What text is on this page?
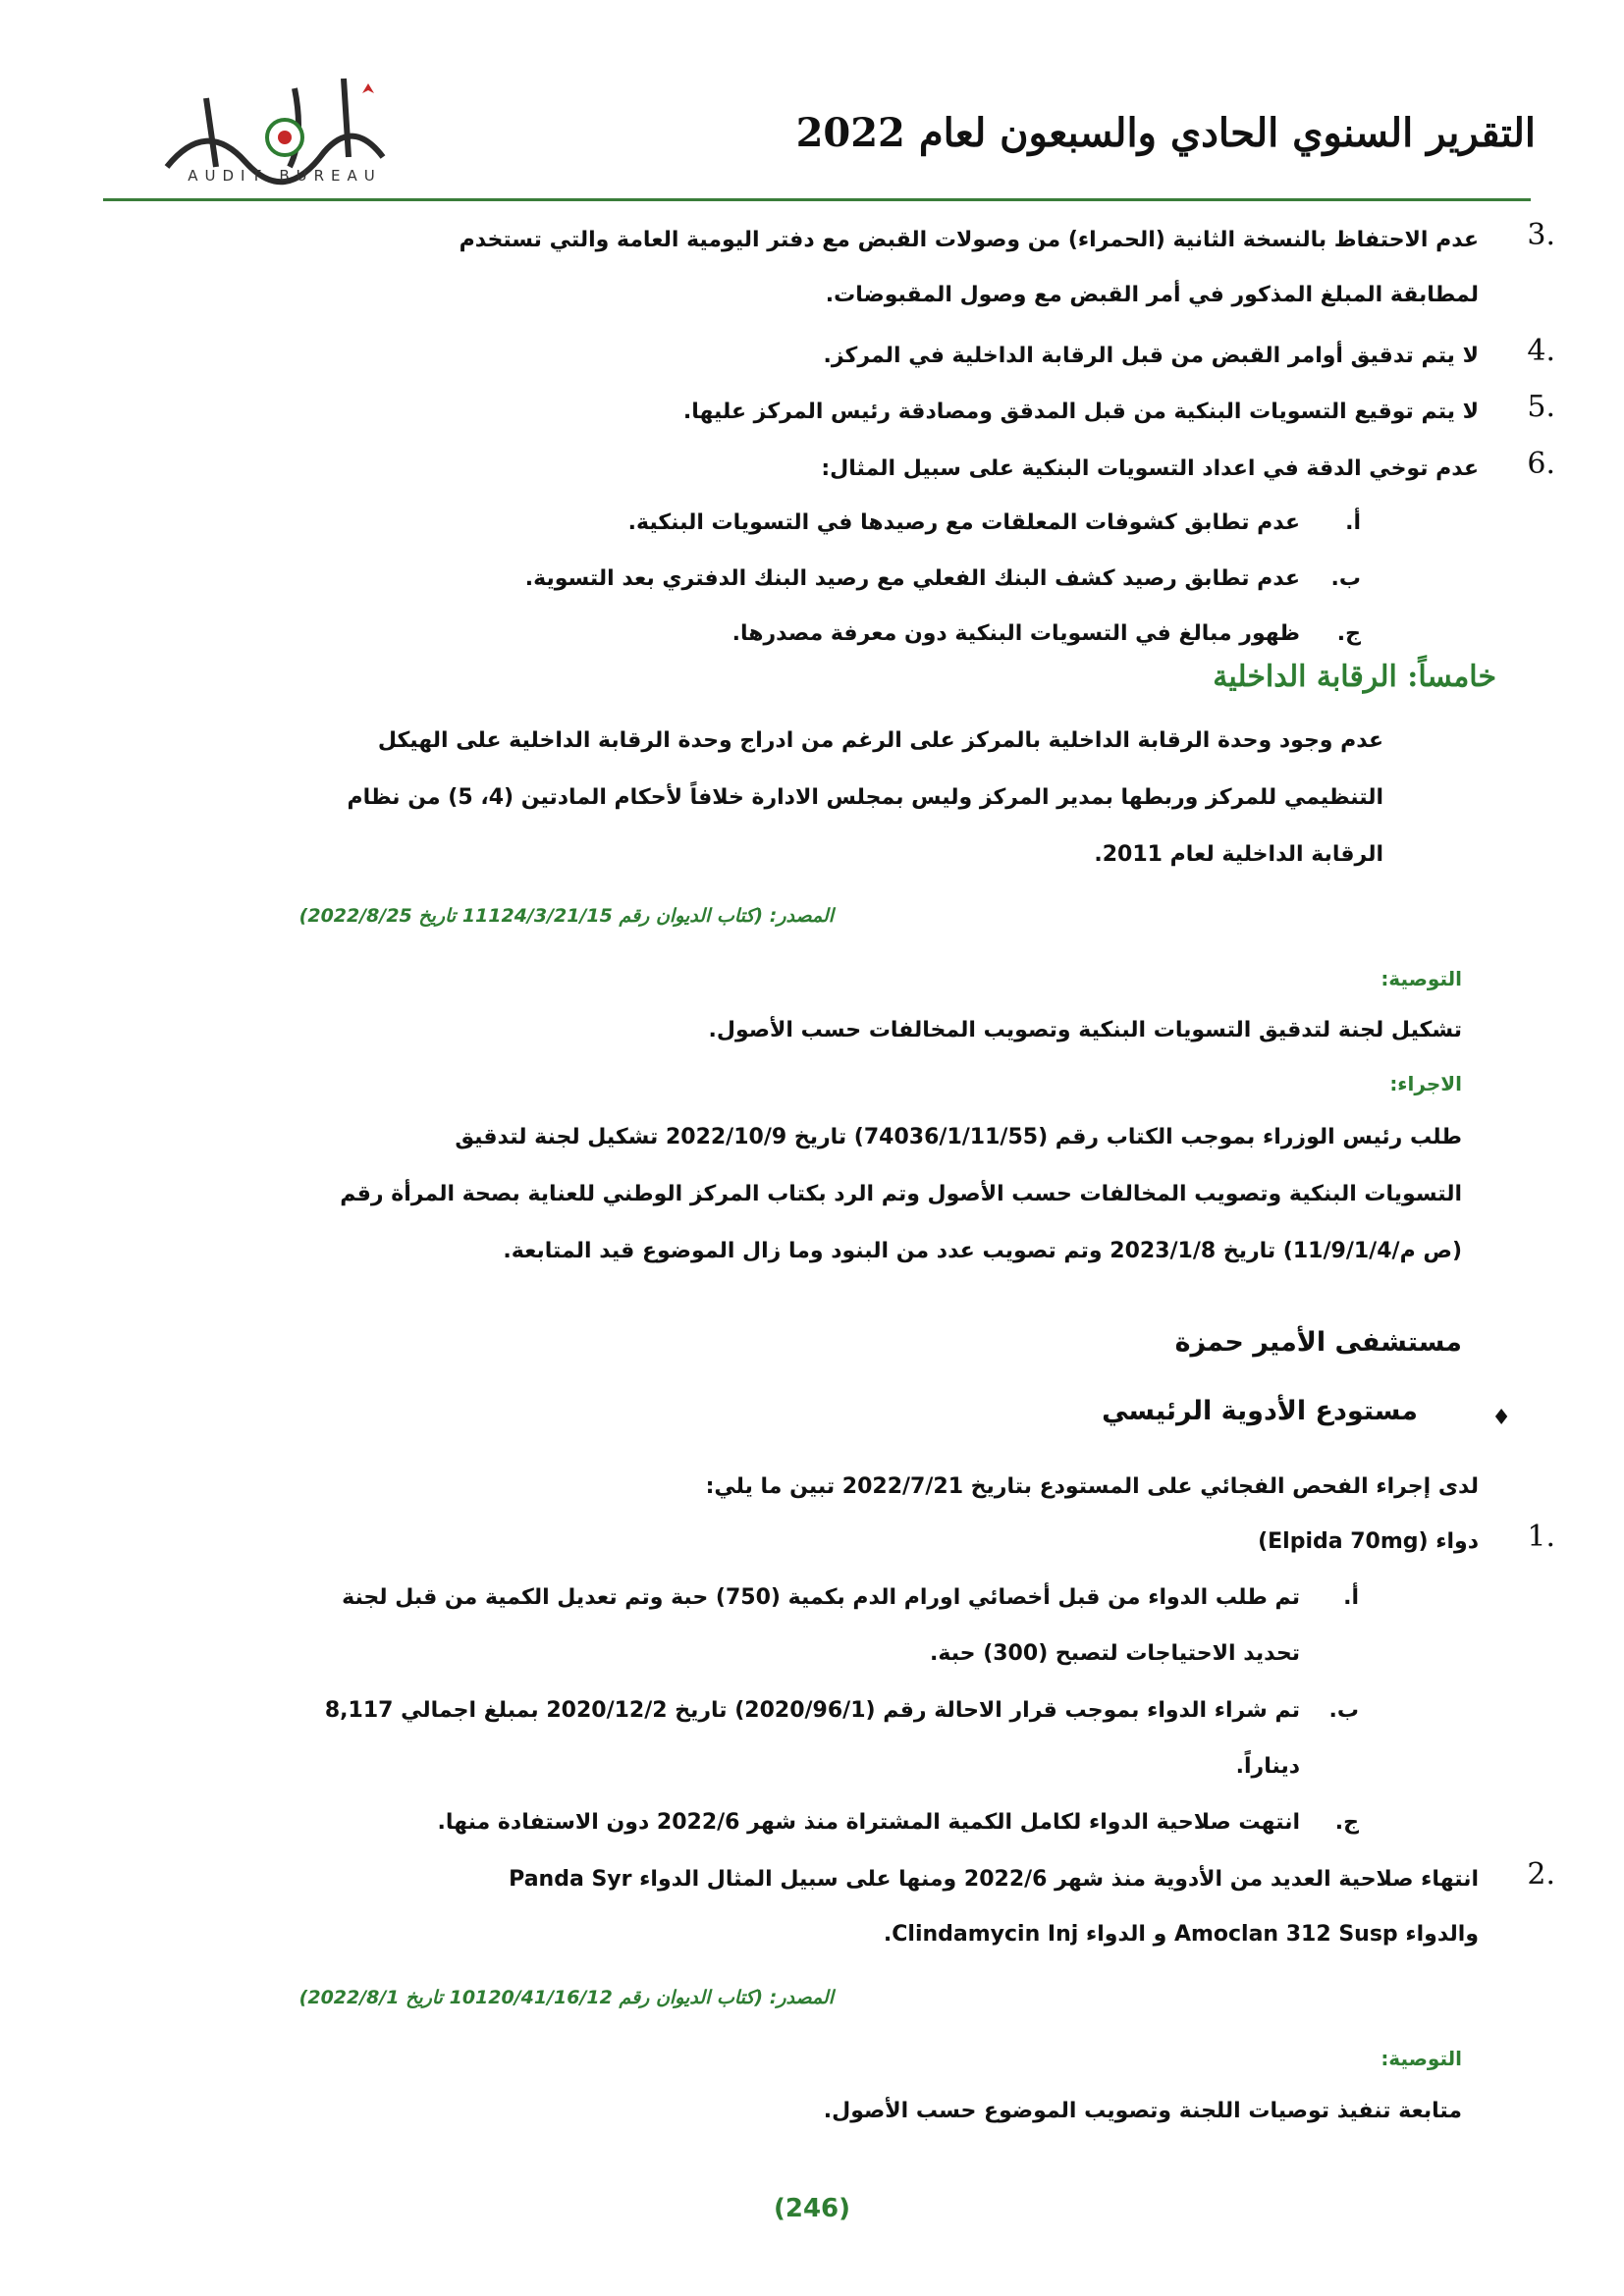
التقرير السنوي الحادي والسبعون لعام 2022
AUDIT BUREAU
.3
عدم الاحتفاظ بالنسخة الثانية (الحمراء) من وصولات القبض مع دفتر اليومية العامة والتي تستخدم
لمطابقة المبلغ المذكور في أمر القبض مع وصول المقبوضات.
.4
لا يتم تدقيق أوامر القبض من قبل الرقابة الداخلية في المركز.
.5
لا يتم توقيع التسويات البنكية من قبل المدقق ومصادقة رئيس المركز عليها.
.6
عدم توخي الدقة في اعداد التسويات البنكية على سبيل المثال:
أ.
عدم تطابق كشوفات المعلقات مع رصيدها في التسويات البنكية.
ب.
عدم تطابق رصيد كشف البنك الفعلي مع رصيد البنك الدفتري بعد التسوية.
ج.
ظهور مبالغ في التسويات البنكية دون معرفة مصدرها.
خامساً: الرقابة الداخلية
عدم وجود وحدة الرقابة الداخلية بالمركز على الرغم من ادراج وحدة الرقابة الداخلية على الهيكل
التنظيمي للمركز وربطها بمدير المركز وليس بمجلس الادارة خلافاً لأحكام المادتين (4، 5) من نظام
الرقابة الداخلية لعام 2011.
المصدر: (كتاب الديوان رقم 11124/3/21/15 تاريخ 2022/8/25)
التوصية:
تشكيل لجنة لتدقيق التسويات البنكية وتصويب المخالفات حسب الأصول.
الاجراء:
طلب رئيس الوزراء بموجب الكتاب رقم (74036/1/11/55) تاريخ 2022/10/9 تشكيل لجنة لتدقيق
التسويات البنكية وتصويب المخالفات حسب الأصول وتم الرد بكتاب المركز الوطني للعناية بصحة المرأة رقم
(ص م/11/9/1/4) تاريخ 2023/1/8 وتم تصويب عدد من البنود وما زال الموضوع قيد المتابعة.
مستشفى الأمير حمزة
♦
مستودع الأدوية الرئيسي
لدى إجراء الفحص الفجائي على المستودع بتاريخ 2022/7/21 تبين ما يلي:
.1
دواء (Elpida 70mg)
أ.
تم طلب الدواء من قبل أخصائي اورام الدم بكمية (750) حبة وتم تعديل الكمية من قبل لجنة
تحديد الاحتياجات لتصبح (300) حبة.
ب.
تم شراء الدواء بموجب قرار الاحالة رقم (2020/96/1) تاريخ 2020/12/2 بمبلغ اجمالي 8,117
ديناراً.
ج.
انتهت صلاحية الدواء لكامل الكمية المشتراة منذ شهر 2022/6 دون الاستفادة منها.
.2
انتهاء صلاحية العديد من الأدوية منذ شهر 2022/6 ومنها على سبيل المثال الدواء Panda Syr
والدواء Amoclan 312 Susp و الدواء Clindamycin Inj.
المصدر: (كتاب الديوان رقم 10120/41/16/12 تاريخ 2022/8/1)
التوصية:
متابعة تنفيذ توصيات اللجنة وتصويب الموضوع حسب الأصول.
(246)
